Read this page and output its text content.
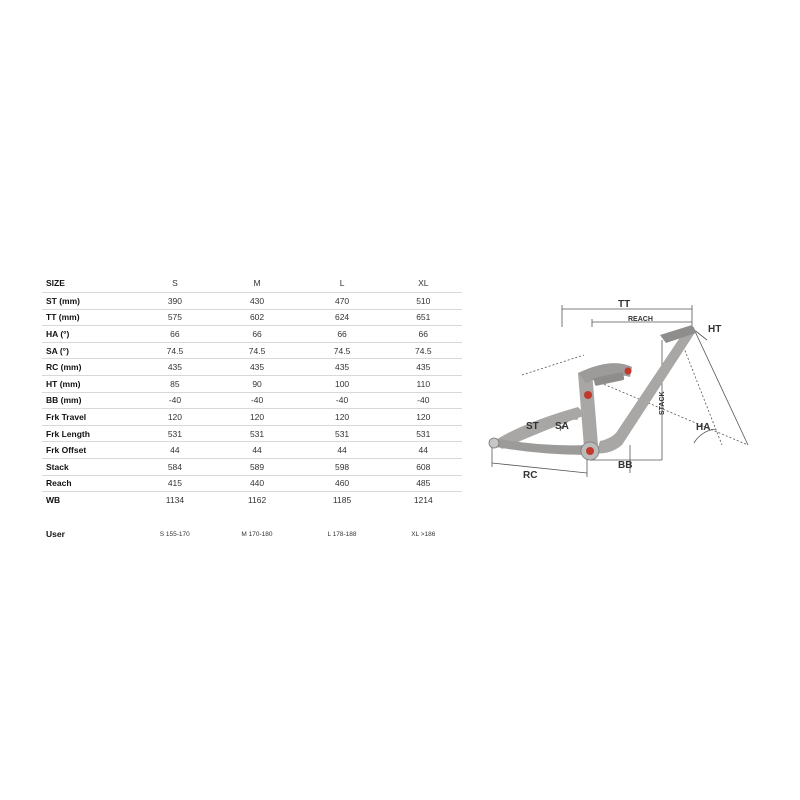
SIZE	S	M	L	XL
ST (mm)	390	430	470	510
TT (mm)	575	602	624	651
HA (°)	66	66	66	66
SA (°)	74.5	74.5	74.5	74.5
RC (mm)	435	435	435	435
HT (mm)	85	90	100	110
BB (mm)	-40	-40	-40	-40
Frk Travel	120	120	120	120
Frk Length	531	531	531	531
Frk Offset	44	44	44	44
Stack	584	589	598	608
Reach	415	440	460	485
WB	1134	1162	1185	1214
User	S 155-170	M 170-180	L 178-188	XL >186
TT
REACH
HT
STACK
HA
ST SA
RC
BB
